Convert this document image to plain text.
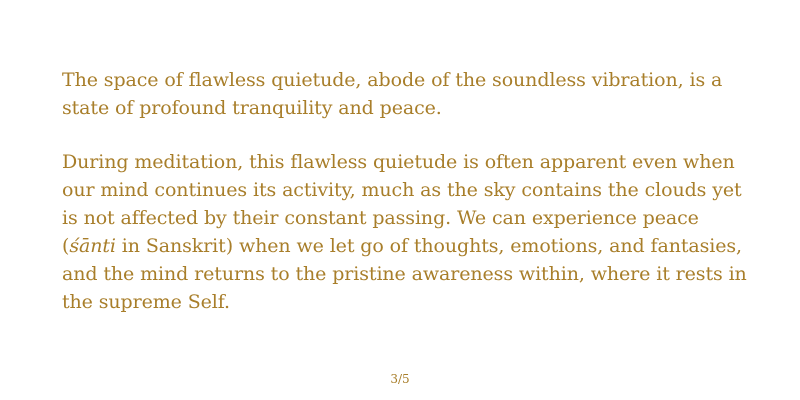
The space of flawless quietude, abode of the soundless vibration, is a state of profound tranquility and peace.

During meditation, this flawless quietude is often apparent even when our mind continues its activity, much as the sky contains the clouds yet is not affected by their constant passing. We can experience peace (śānti in Sanskrit) when we let go of thoughts, emotions, and fantasies, and the mind returns to the pristine awareness within, where it rests in the supreme Self.

3/5
